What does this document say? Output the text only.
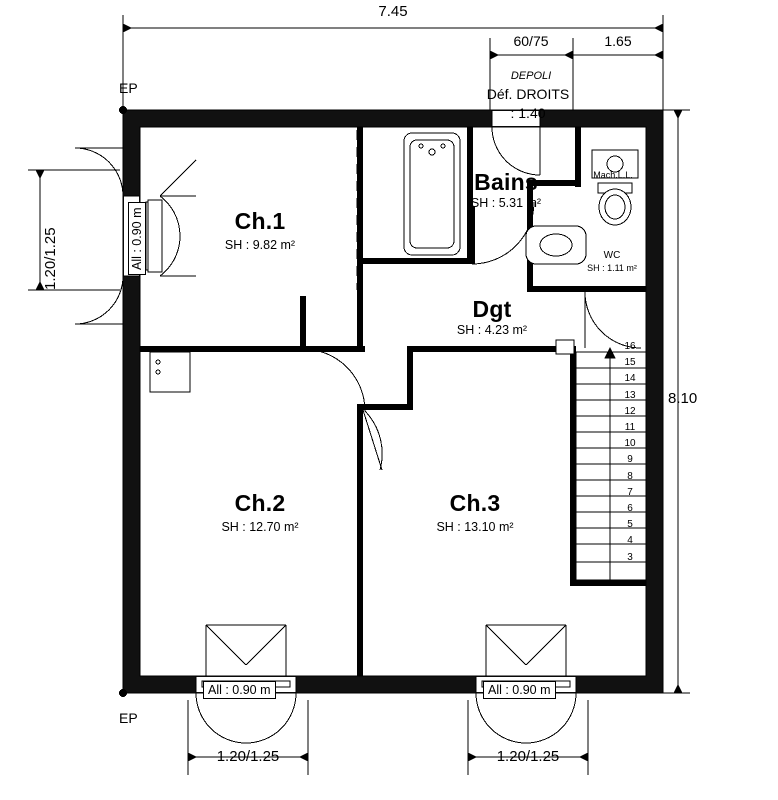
7.45
60/75	1.65
DEPOLI
Déf. DROITS
: 1.40
EP
EP
1.20/1.25
8.10
1.20/1.25	1.20/1.25
All : 0.90 m
All : 0.90 m	All : 0.90 m
Ch.1
SH : 9.82 m²
Bains
SH : 5.31 m²
WC
SH : 1.11 m²
Mach.L.L.
Dgt
SH : 4.23 m²
Ch.2
SH : 12.70 m²
Ch.3
SH : 13.10 m²
16
15
14
13
12
11
10
9
8
7
6
5
4
3
